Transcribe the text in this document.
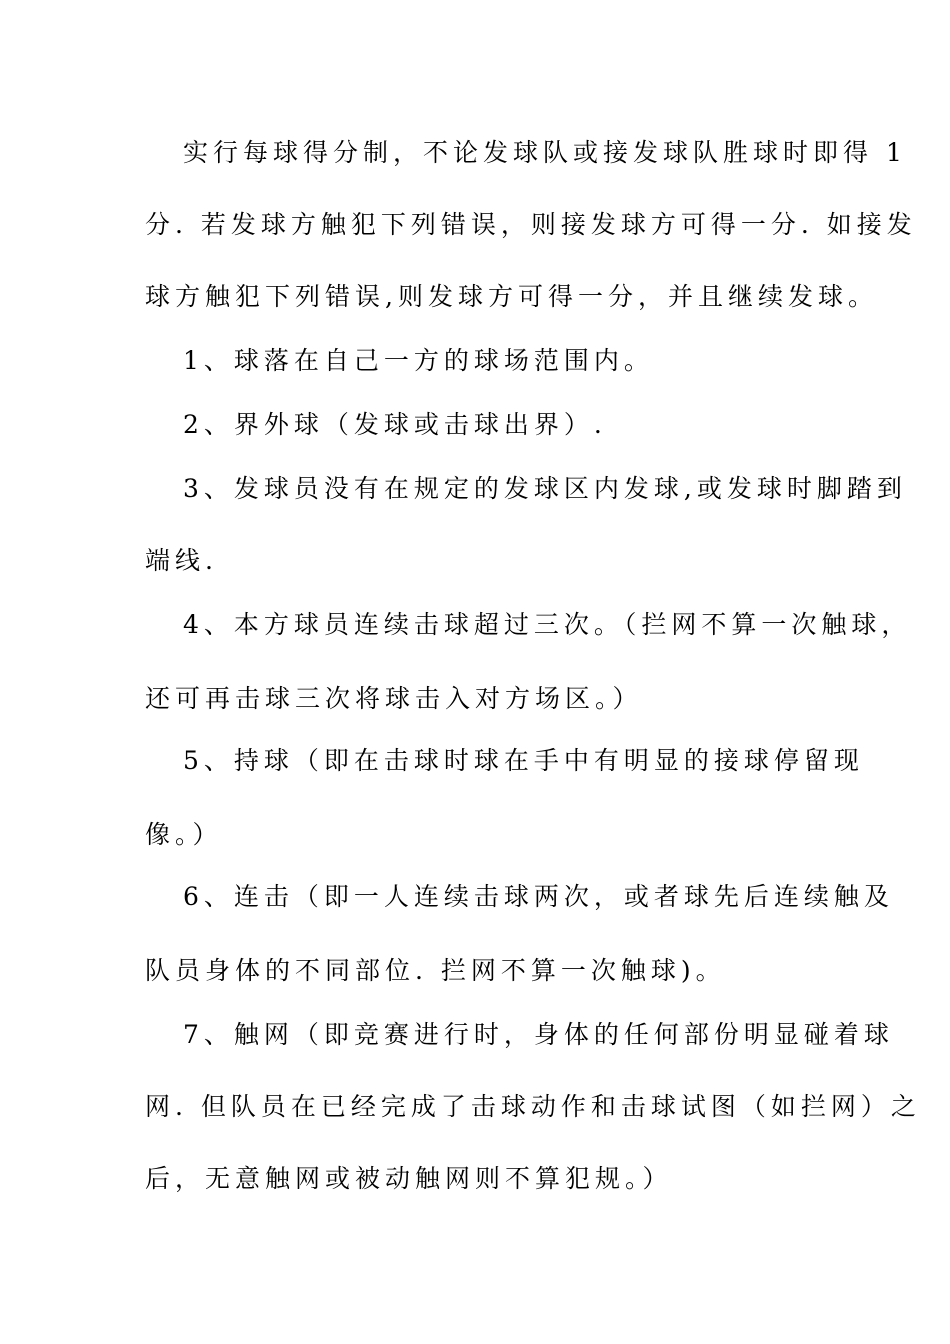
实行每球得分制，不论发球队或接发球队胜球时即得 1
分. 若发球方触犯下列错误，则接发球方可得一分. 如接发
球方触犯下列错误,则发球方可得一分，并且继续发球。
1、球落在自己一方的球场范围内。
2、界外球（发球或击球出界）.
3、发球员没有在规定的发球区内发球,或发球时脚踏到
端线.
4、本方球员连续击球超过三次。（拦网不算一次触球，
还可再击球三次将球击入对方场区。）
5、持球（即在击球时球在手中有明显的接球停留现
像。）
6、连击（即一人连续击球两次，或者球先后连续触及
队员身体的不同部位. 拦网不算一次触球)。
7、触网（即竞赛进行时，身体的任何部份明显碰着球
网. 但队员在已经完成了击球动作和击球试图（如拦网）之
后，无意触网或被动触网则不算犯规。）
